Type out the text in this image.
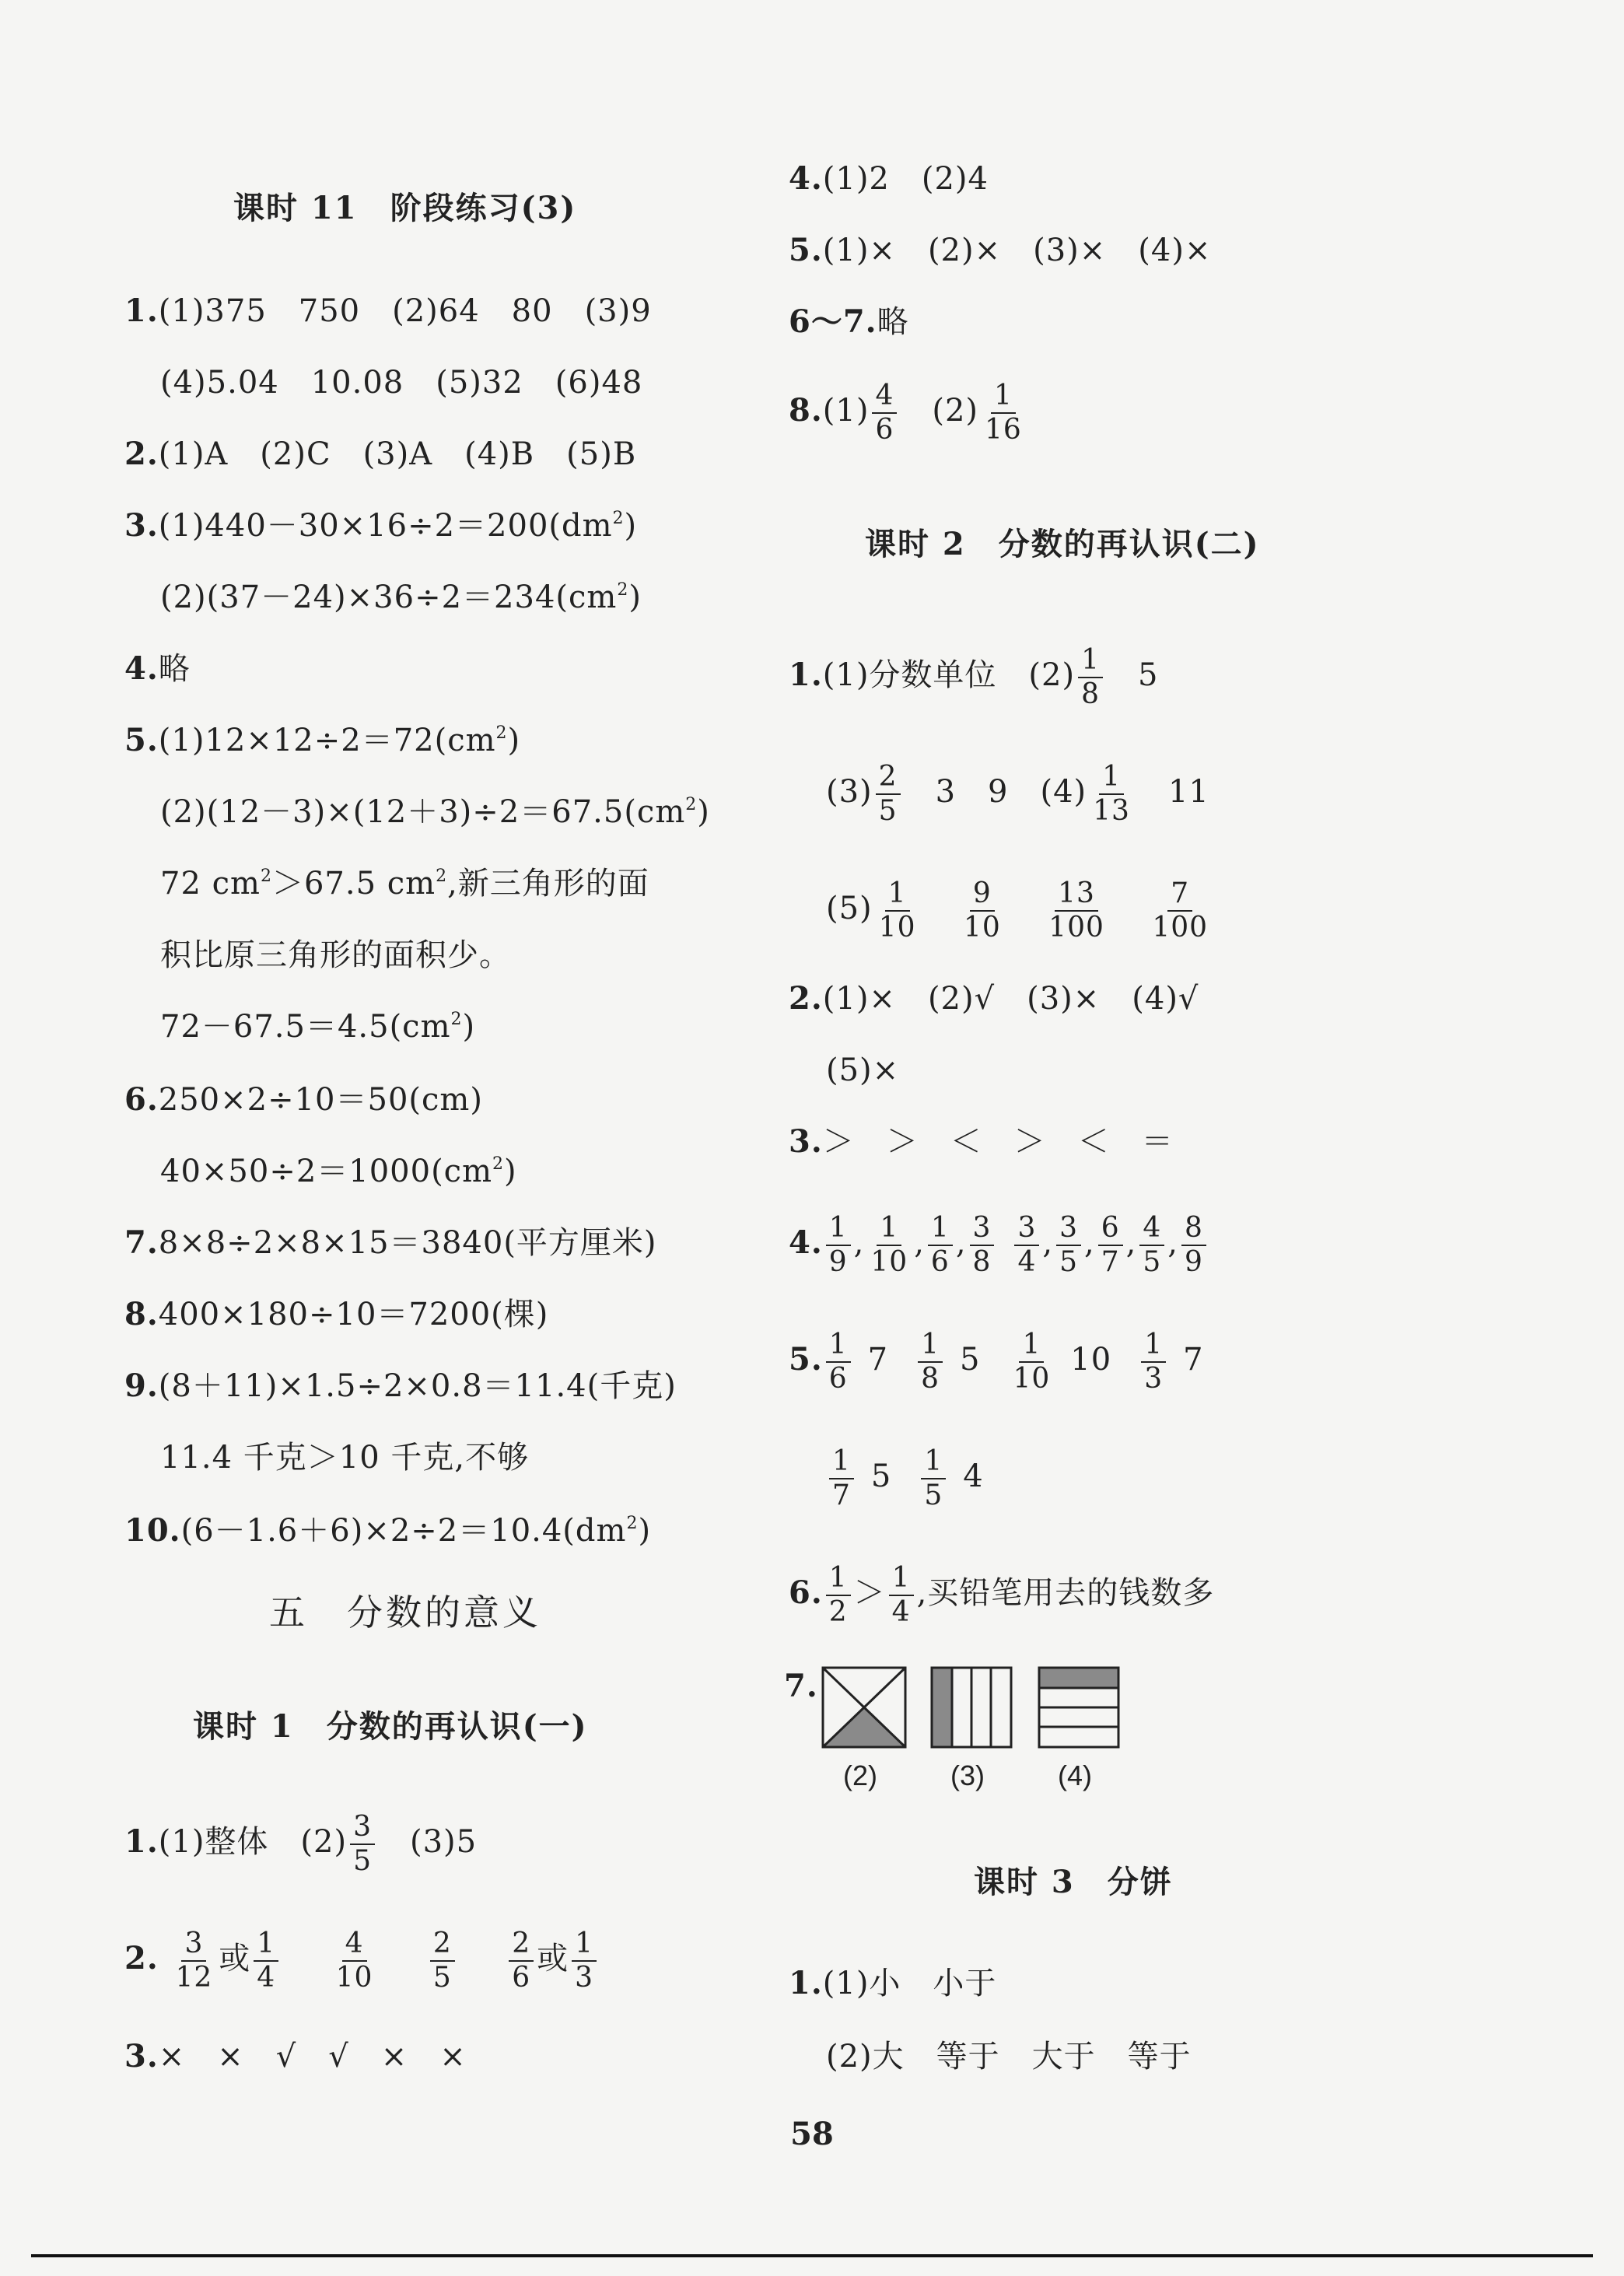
课时 11　阶段练习(3)
1.(1)375　750　(2)64　80　(3)9
(4)5.04　10.08　(5)32　(6)48
2.(1)A　(2)C　(3)A　(4)B　(5)B
$3.(1)440-30\times 16\div 2=200(dm^2)$
$(2)(37-24)\times 36\div 2=234(cm^2)$
4.略
$5.(1)12\times 12\div 2=72(cm^2)$
$(2)(12-3)\times(12+3)\div 2=67.5(cm^2)$
72 $cm^2>67.5$ $cm^2$,新三角形的面
积比原三角形的面积少。
$72-67.5=4.5(cm^2)$
6.250×2÷10＝50(cm)
$40\times 50\div 2=1000(cm^2)$
7.8×8÷2×8×15＝3840(平方厘米)
8.400×180÷10＝7200(棵)
9.(8＋11)×1.5÷2×0.8＝11.4(千克)
11.4 千克＞10 千克,不够
$10.(6-1.6+6)\times 2\div 2=10.4(dm^2)$
五　分数的意义
课时 1　分数的再认识(一)
1.(1)整体　$(2) \frac{3}{5}$ 　(3)5
2. $\frac{3}{12}$ 或 $\frac{1}{4}$
$\frac{4}{10}$
$\frac{2}{5}$
$\frac{2}{6}$ 或 $\frac{1}{3}$
3.×　×　√　√　×　×
4.(1)2　(2)4
5.(1)×　(2)×　(3)×　(4)×
6～7.略
$8.(1) \frac{4}{6}$ 　$(2) \frac{1}{16}$
课时 2　分数的再认识(二)
1.(1)分数单位　$(2) \frac{1}{8}$ 　5
$(3) \frac{2}{5}$ 　3　9　$(4) \frac{1}{13}$ 　11
$(5) \frac{1}{10}$
$\frac{9}{10}$
$\frac{13}{100}$
$\frac{7}{100}$
2.(1)×　(2)√　(3)×　(4)√
(5)×
3.＞　＞　＜　＞　＜　＝
4. $\frac{1}{9}$ , $\frac{1}{10}$ , $\frac{1}{6}$ , $\frac{3}{8} \frac{3}{4}$ , $\frac{3}{5}$ , $\frac{6}{7}$ , $\frac{4}{5}$ , $\frac{8}{9}$
5. $\frac{1}{6} 7 \frac{1}{8} 5 \frac{1}{10} 10 \frac{1}{3} 7$
$\frac{1}{7} 5 \frac{1}{5} 4$
6. $\frac{1}{2} > \frac{1}{4}$ ,买铅笔用去的钱数多
7.
(2)	(3)	(4)
课时 3　分饼
1.(1)小　小于
(2)大　等于　大于　等于
58
